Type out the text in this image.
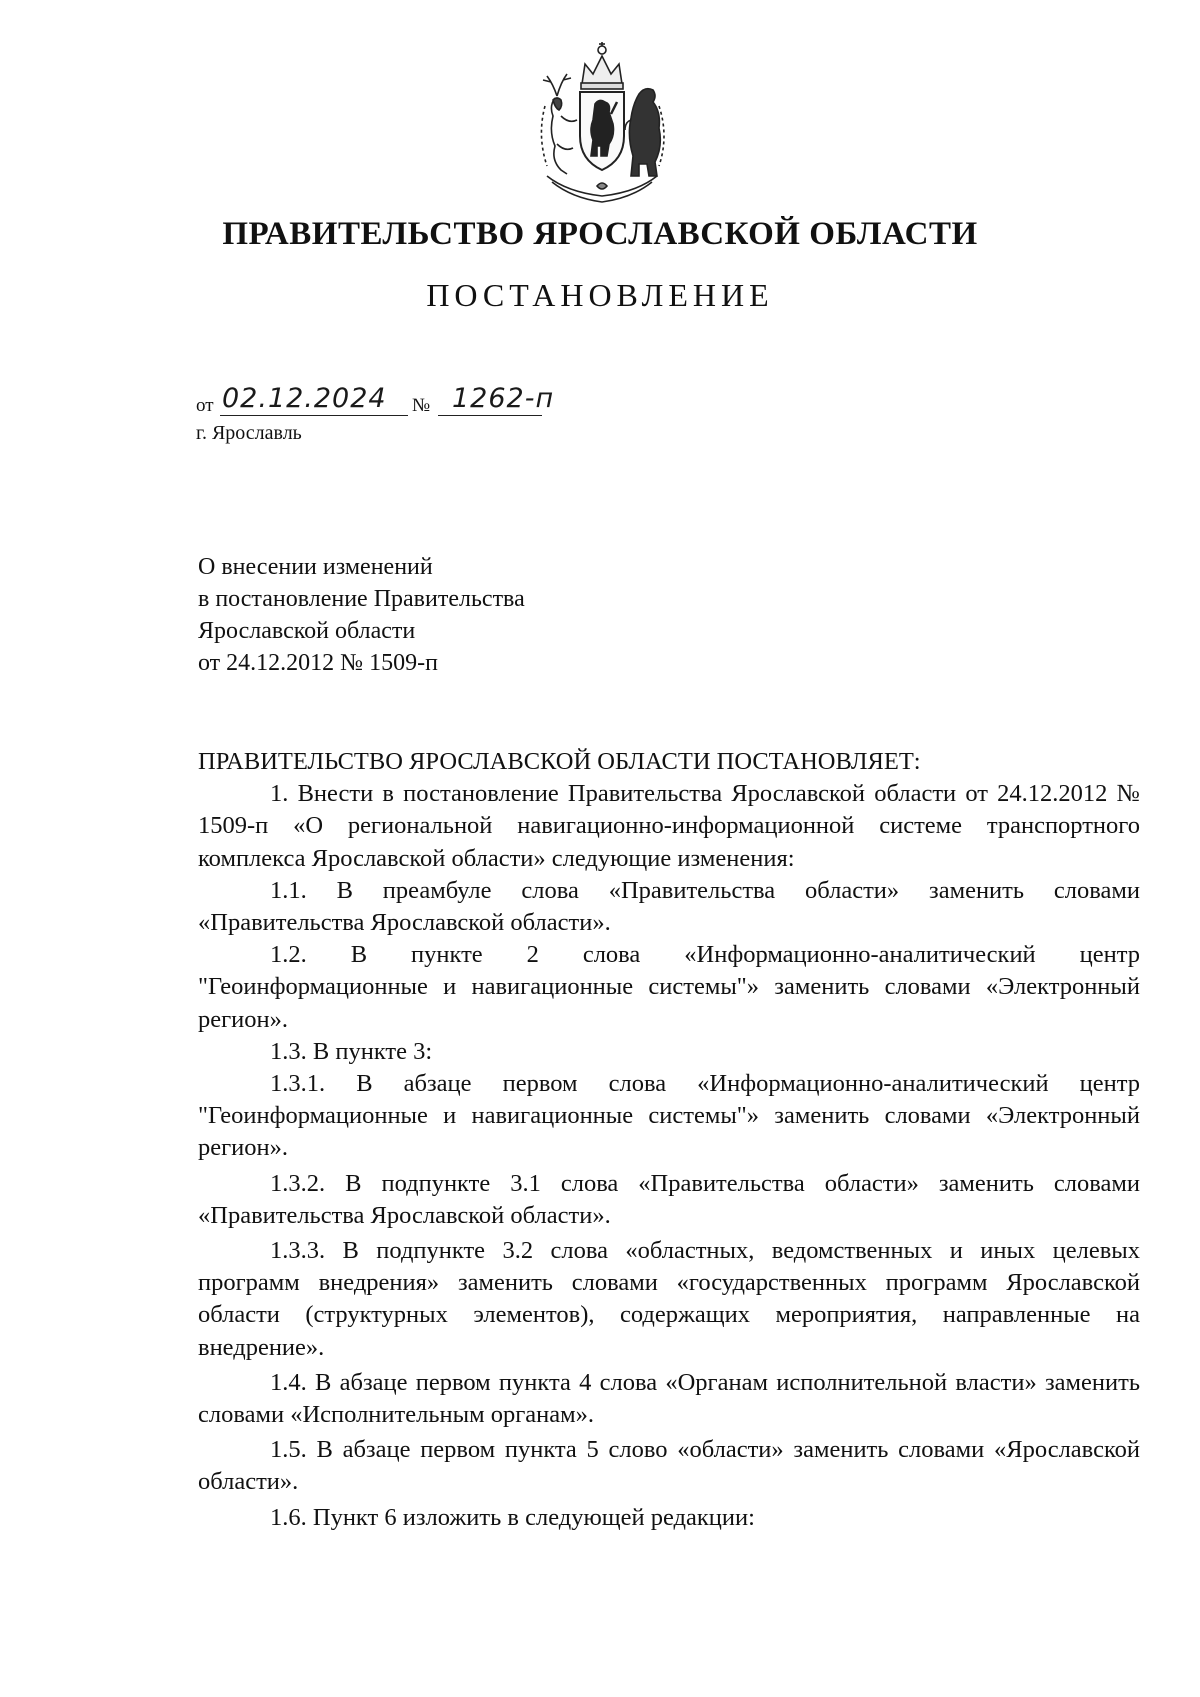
ПРАВИТЕЛЬСТВО ЯРОСЛАВСКОЙ ОБЛАСТИ
ПОСТАНОВЛЕНИЕ
от 02.12.2024 № 1262-п
г. Ярославль
О внесении изменений
в постановление Правительства
Ярославской области
от 24.12.2012 № 1509-п
ПРАВИТЕЛЬСТВО ЯРОСЛАВСКОЙ ОБЛАСТИ ПОСТАНОВЛЯЕТ:

1. Внести в постановление Правительства Ярославской области от 24.12.2012 № 1509-п «О региональной навигационно-информационной системе транспортного комплекса Ярославской области» следующие изменения:

1.1. В преамбуле слова «Правительства области» заменить словами «Правительства Ярославской области».

1.2. В пункте 2 слова «Информационно-аналитический центр "Геоинформационные и навигационные системы"» заменить словами «Электронный регион».

1.3. В пункте 3:

1.3.1. В абзаце первом слова «Информационно-аналитический центр "Геоинформационные и навигационные системы"» заменить словами «Электронный регион».

1.3.2. В подпункте 3.1 слова «Правительства области» заменить словами «Правительства Ярославской области».

1.3.3. В подпункте 3.2 слова «областных, ведомственных и иных целевых программ внедрения» заменить словами «государственных программ Ярославской области (структурных элементов), содержащих мероприятия, направленные на внедрение».

1.4. В абзаце первом пункта 4 слова «Органам исполнительной власти» заменить словами «Исполнительным органам».

1.5. В абзаце первом пункта 5 слово «области» заменить словами «Ярославской области».

1.6. Пункт 6 изложить в следующей редакции:
